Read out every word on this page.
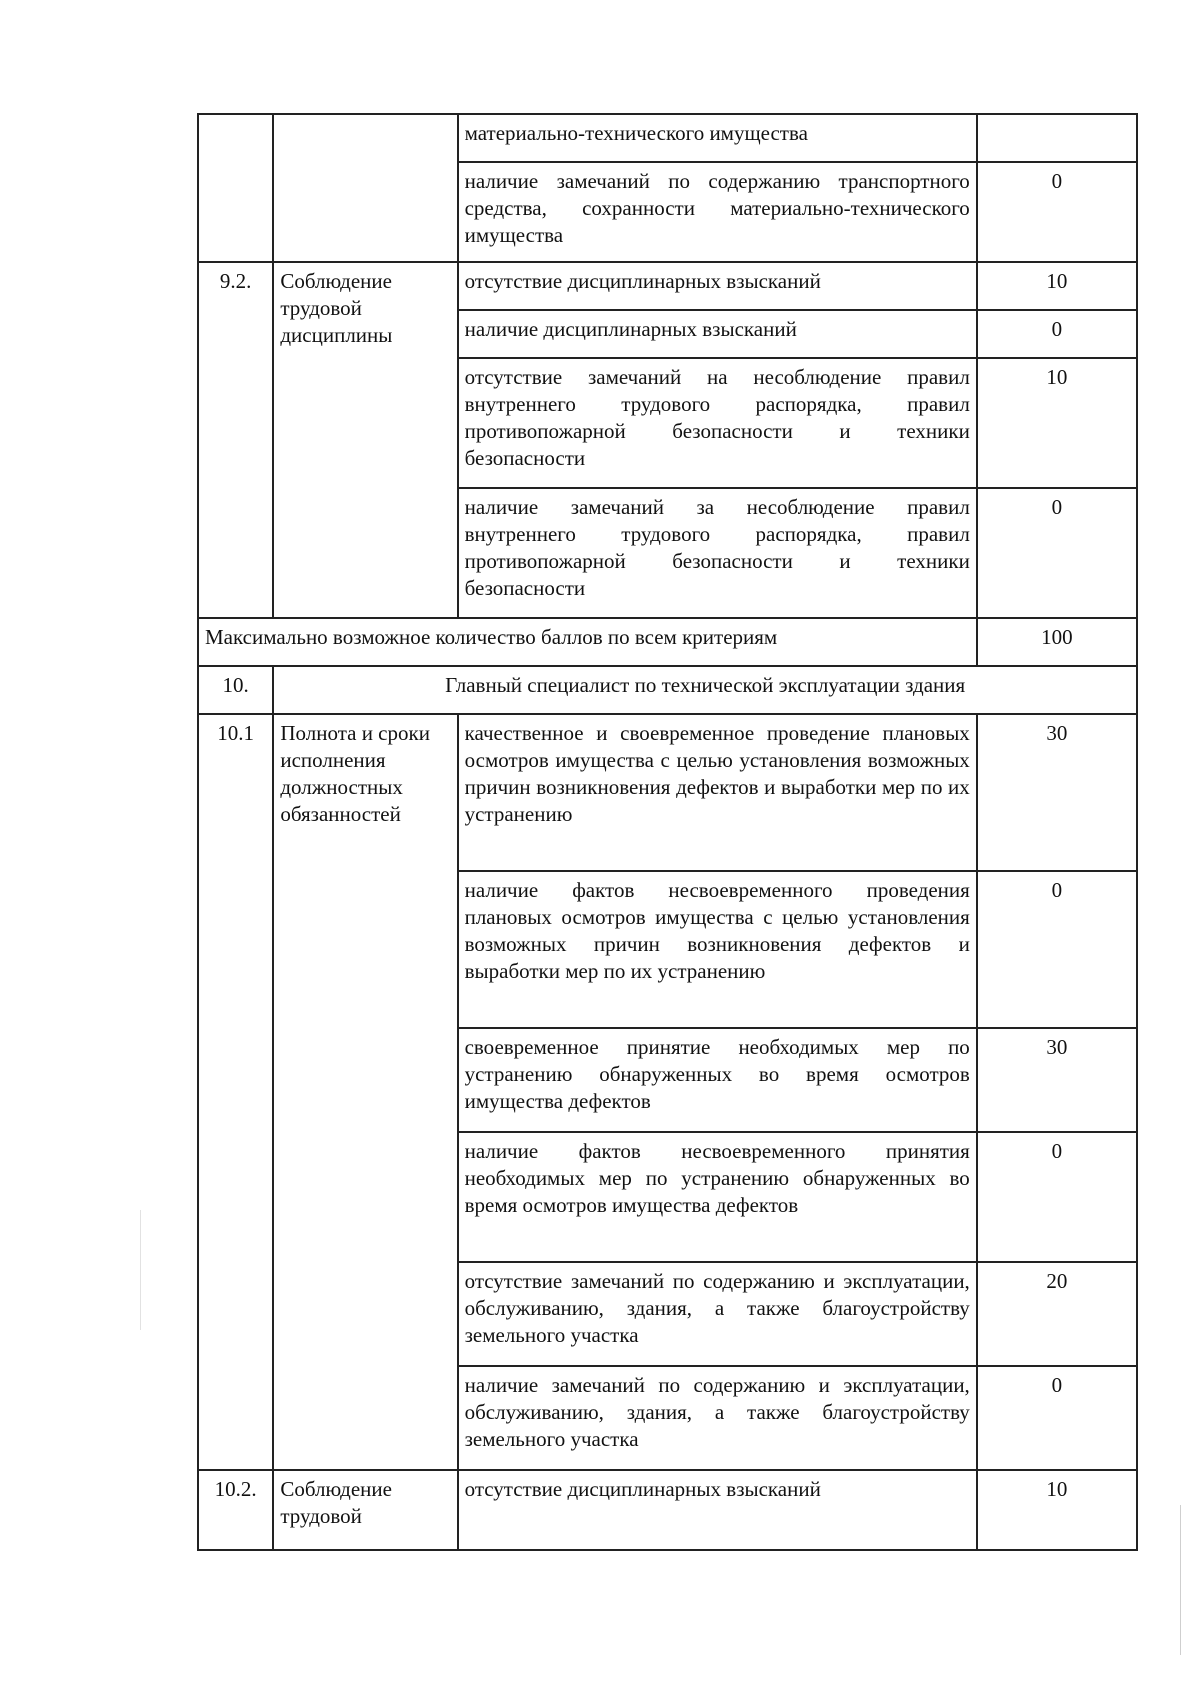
		материально-технического имущества	
		наличие замечаний по содержанию транспортного средства, сохранности материально-технического имущества	0
9.2.	Соблюдение трудовой дисциплины	отсутствие дисциплинарных взысканий	10
		наличие дисциплинарных взысканий	0
		отсутствие замечаний на несоблюдение правил внутреннего трудового распорядка, правил противопожарной безопасности и техники безопасности	10
		наличие замечаний за несоблюдение правил внутреннего трудового распорядка, правил противопожарной безопасности и техники безопасности	0
Максимально возможное количество баллов по всем критериям			100
10.	Главный специалист по технической эксплуатации здания		
10.1	Полнота и сроки исполнения должностных обязанностей	качественное и своевременное проведение плановых осмотров имущества с целью установления возможных причин возникновения дефектов и выработки мер по их устранению	30
		наличие фактов несвоевременного проведения плановых осмотров имущества с целью установления возможных причин возникновения дефектов и выработки мер по их устранению	0
		своевременное принятие необходимых мер по устранению обнаруженных во время осмотров имущества дефектов	30
		наличие фактов несвоевременного принятия необходимых мер по устранению обнаруженных во время осмотров имущества дефектов	0
		отсутствие замечаний по содержанию и эксплуатации, обслуживанию, здания, а также благоустройству земельного участка	20
		наличие замечаний по содержанию и эксплуатации, обслуживанию, здания, а также благоустройству земельного участка	0
10.2.	Соблюдение трудовой	отсутствие дисциплинарных взысканий	10
